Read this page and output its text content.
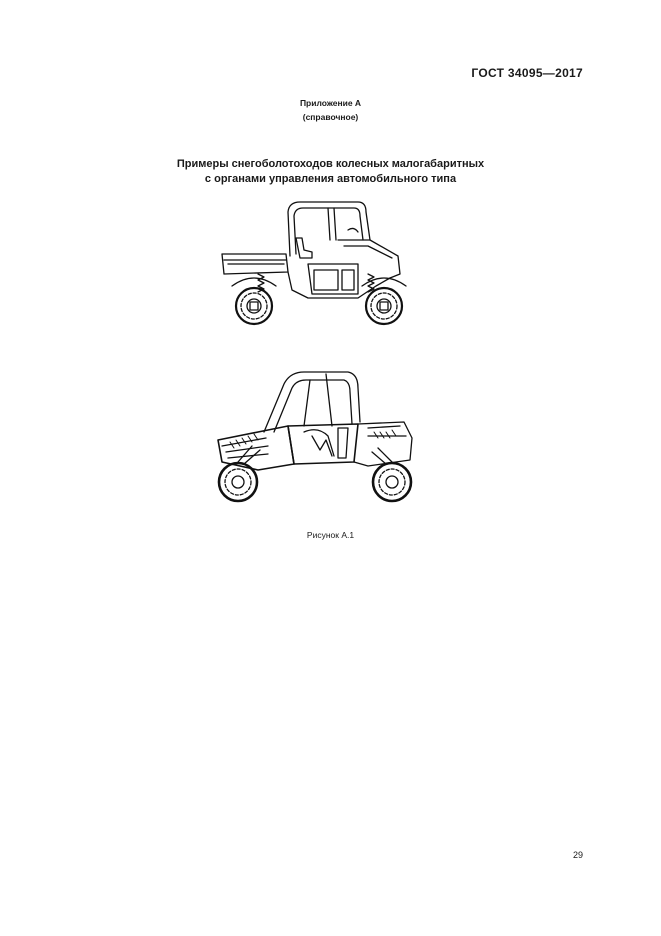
ГОСТ 34095—2017
Приложение А
(справочное)
Примеры снегоболотоходов колесных малогабаритных
с органами управления автомобильного типа
Рисунок А.1
29
